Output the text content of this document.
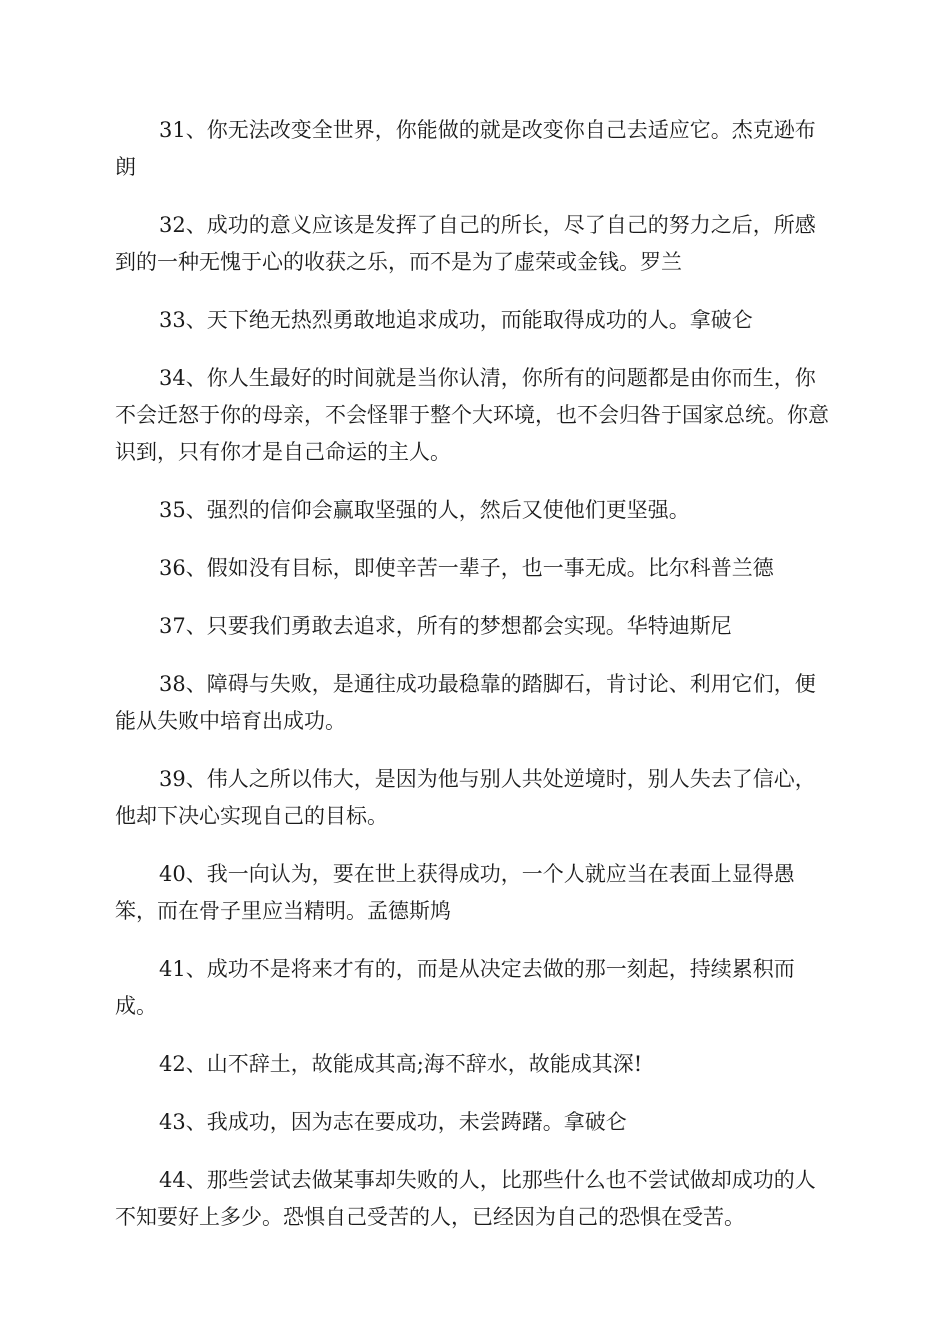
31、你无法改变全世界，你能做的就是改变你自己去适应它。杰克逊布朗

32、成功的意义应该是发挥了自己的所长，尽了自己的努力之后，所感到的一种无愧于心的收获之乐，而不是为了虚荣或金钱。罗兰

33、天下绝无热烈勇敢地追求成功，而能取得成功的人。拿破仑

34、你人生最好的时间就是当你认清，你所有的问题都是由你而生，你不会迁怒于你的母亲，不会怪罪于整个大环境，也不会归咎于国家总统。你意识到，只有你才是自己命运的主人。

35、强烈的信仰会赢取坚强的人，然后又使他们更坚强。

36、假如没有目标，即使辛苦一辈子，也一事无成。比尔科普兰德

37、只要我们勇敢去追求，所有的梦想都会实现。华特迪斯尼

38、障碍与失败，是通往成功最稳靠的踏脚石，肯讨论、利用它们，便能从失败中培育出成功。

39、伟人之所以伟大，是因为他与别人共处逆境时，别人失去了信心，他却下决心实现自己的目标。

40、我一向认为，要在世上获得成功，一个人就应当在表面上显得愚笨，而在骨子里应当精明。孟德斯鸠

41、成功不是将来才有的，而是从决定去做的那一刻起，持续累积而成。

42、山不辞土，故能成其高;海不辞水，故能成其深!

43、我成功，因为志在要成功，未尝踌躇。拿破仑

44、那些尝试去做某事却失败的人，比那些什么也不尝试做却成功的人不知要好上多少。恐惧自己受苦的人，已经因为自己的恐惧在受苦。
